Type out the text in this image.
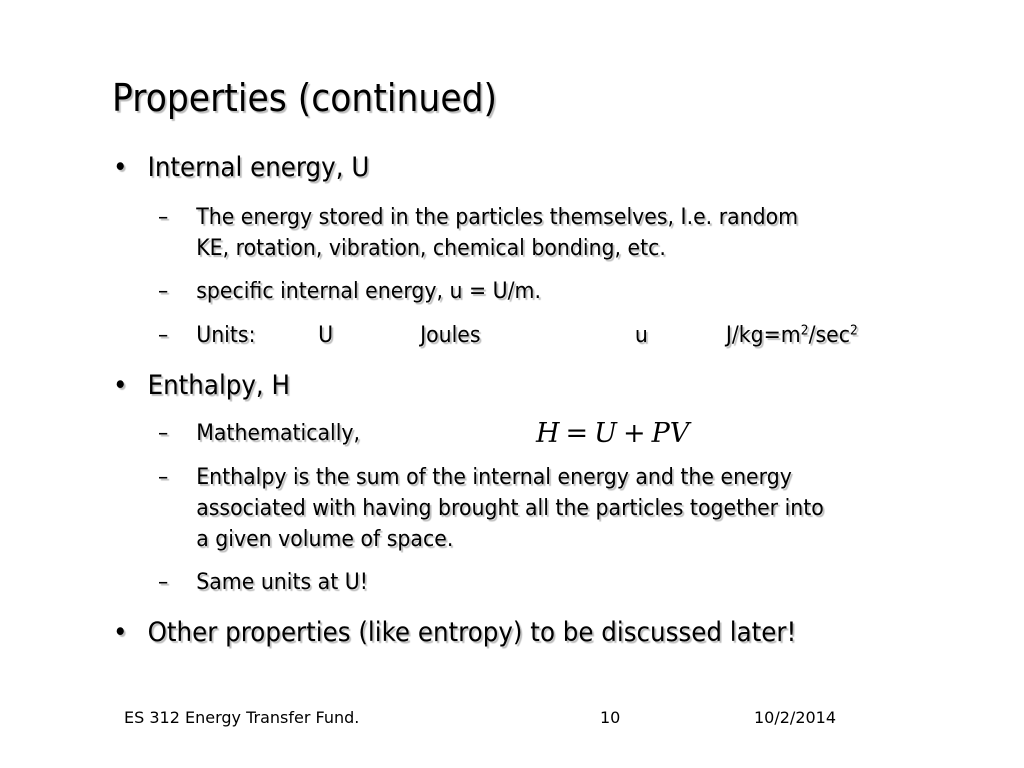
Properties (continued)
• Internal energy, U
– The energy stored in the particles themselves, I.e. random
KE, rotation, vibration, chemical bonding, etc.
– specific internal energy, u = U/m.
– Units:	U	Joules	u	$J/kg=m^2/\sec^2$
• Enthalpy, H
– Mathematically,	H = U + PV
– Enthalpy is the sum of the internal energy and the energy
associated with having brought all the particles together into
a given volume of space.
– Same units at U!
• Other properties (like entropy) to be discussed later!
ES 312 Energy Transfer Fund.	10	10/2/2014
